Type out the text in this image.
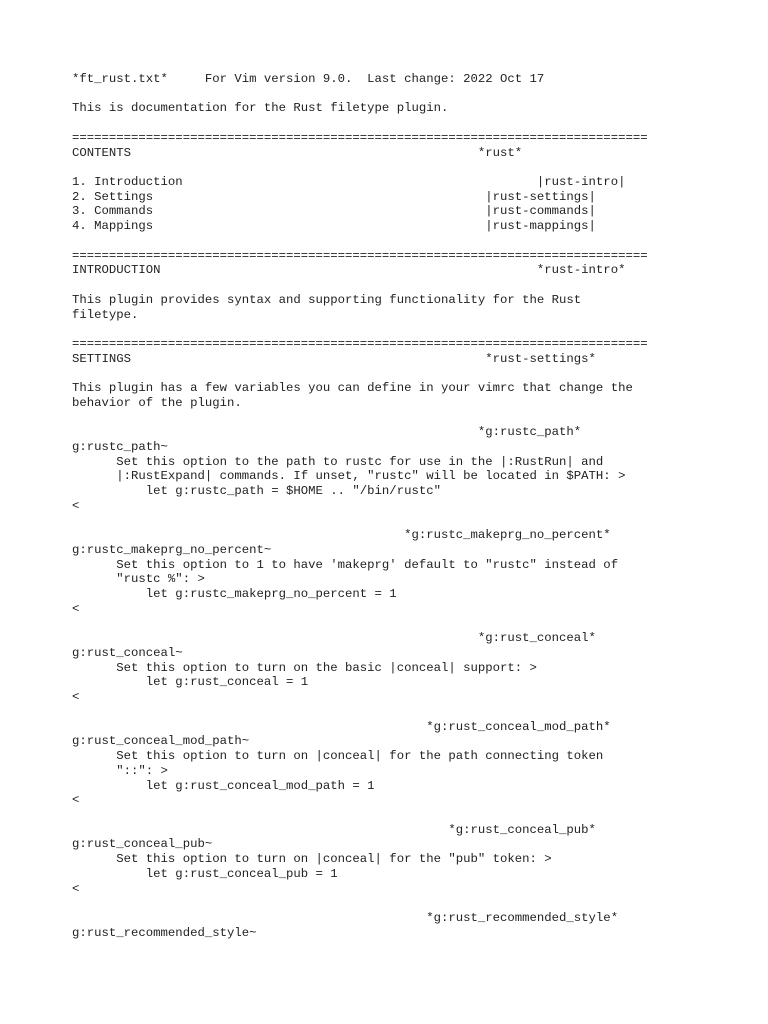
*ft_rust.txt*     For Vim version 9.0.  Last change: 2022 Oct 17
This is documentation for the Rust filetype plugin.
==============================================================================
CONTENTS                                               *rust*
1. Introduction                                                |rust-intro|
2. Settings                                             |rust-settings|
3. Commands                                             |rust-commands|
4. Mappings                                             |rust-mappings|
==============================================================================
INTRODUCTION                                                   *rust-intro*
This plugin provides syntax and supporting functionality for the Rust
filetype.
==============================================================================
SETTINGS                                                *rust-settings*
This plugin has a few variables you can define in your vimrc that change the
behavior of the plugin.
*g:rustc_path*
g:rustc_path~
Set this option to the path to rustc for use in the |:RustRun| and
|:RustExpand| commands. If unset, "rustc" will be located in $PATH: >
let g:rustc_path = $HOME .. "/bin/rustc"
<
*g:rustc_makeprg_no_percent*
g:rustc_makeprg_no_percent~
Set this option to 1 to have 'makeprg' default to "rustc" instead of
"rustc %": >
let g:rustc_makeprg_no_percent = 1
<
*g:rust_conceal*
g:rust_conceal~
Set this option to turn on the basic |conceal| support: >
let g:rust_conceal = 1
<
*g:rust_conceal_mod_path*
g:rust_conceal_mod_path~
Set this option to turn on |conceal| for the path connecting token
"::": >
let g:rust_conceal_mod_path = 1
<
*g:rust_conceal_pub*
g:rust_conceal_pub~
Set this option to turn on |conceal| for the "pub" token: >
let g:rust_conceal_pub = 1
<
*g:rust_recommended_style*
g:rust_recommended_style~
